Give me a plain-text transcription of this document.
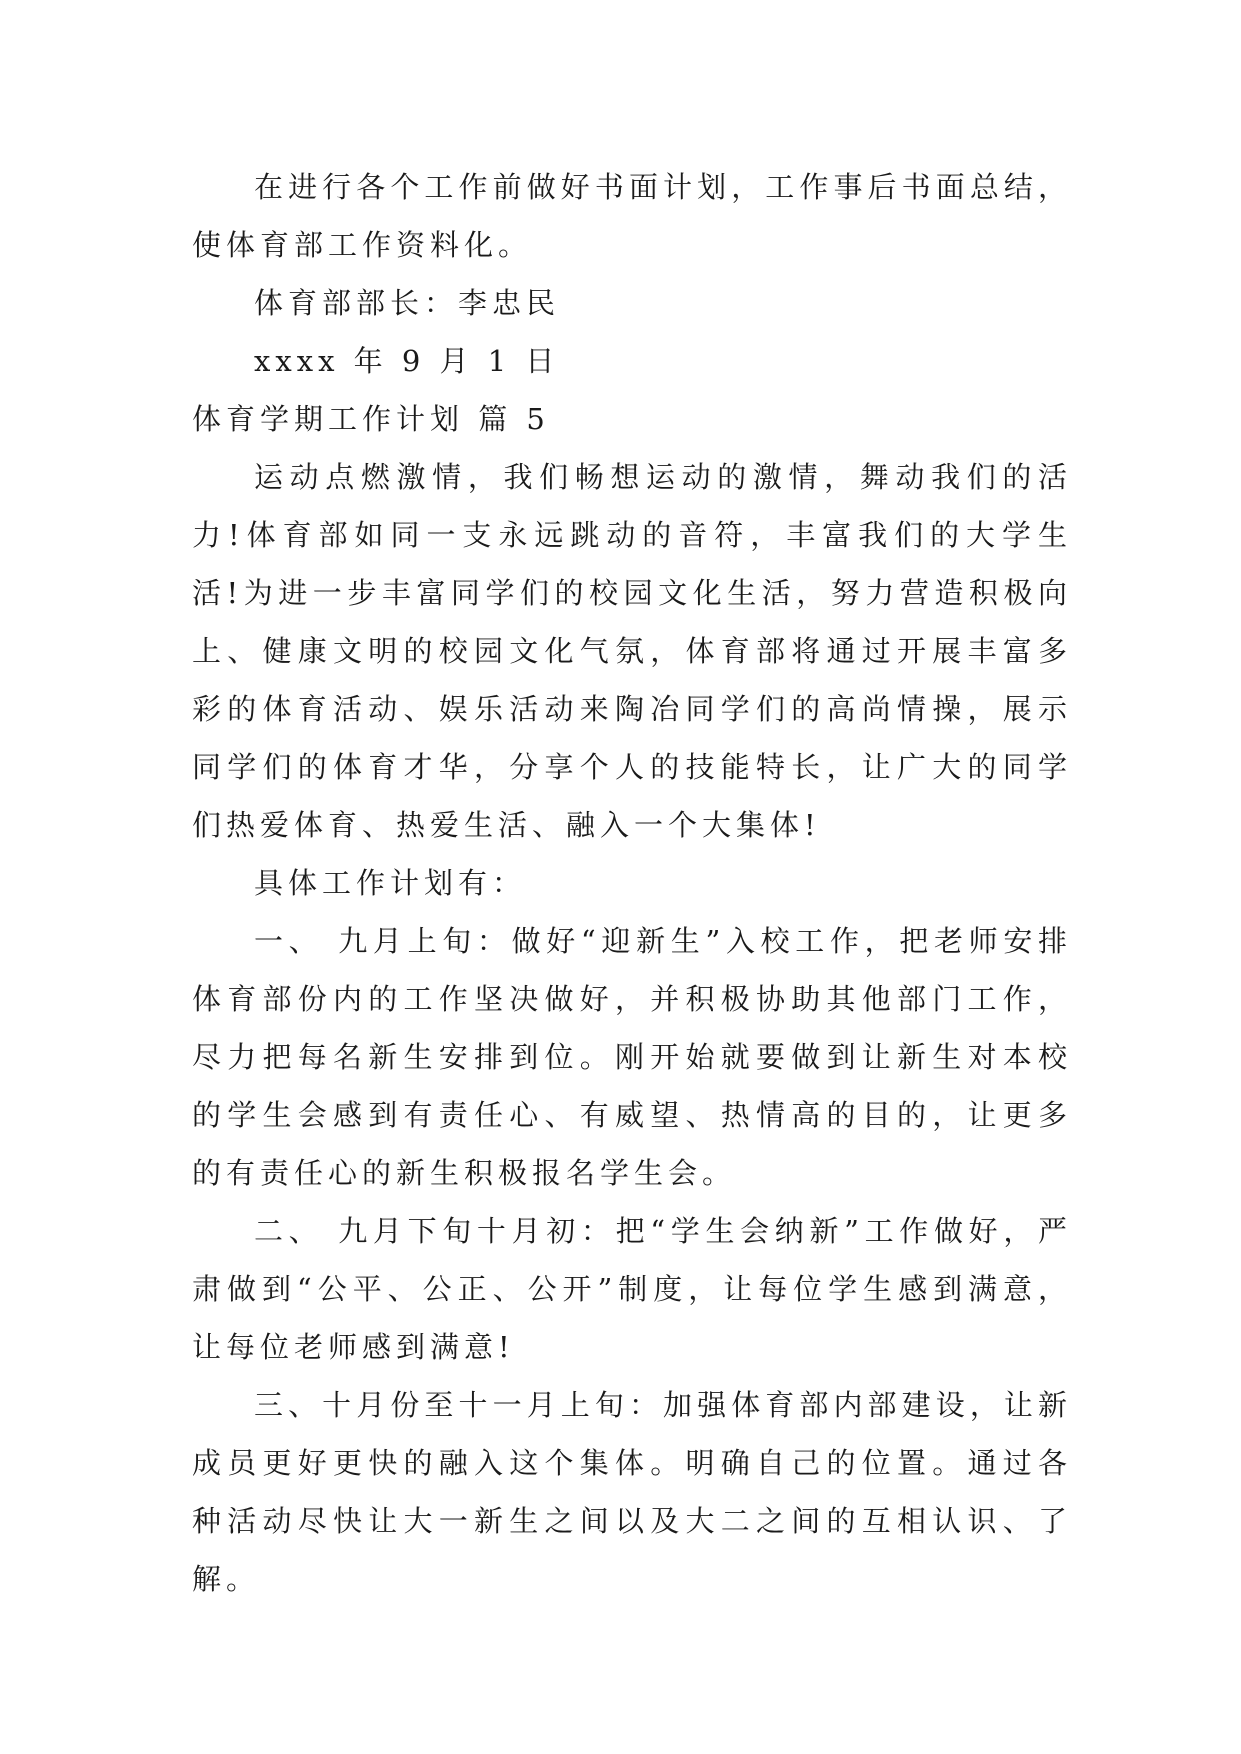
在进行各个工作前做好书面计划，工作事后书面总结，使体育部工作资料化。

体育部部长：李忠民

xxxx 年 9 月 1 日

体育学期工作计划 篇 5

运动点燃激情，我们畅想运动的激情，舞动我们的活力!体育部如同一支永远跳动的音符，丰富我们的大学生活!为进一步丰富同学们的校园文化生活，努力营造积极向上、健康文明的校园文化气氛，体育部将通过开展丰富多彩的体育活动、娱乐活动来陶冶同学们的高尚情操，展示同学们的体育才华，分享个人的技能特长，让广大的同学们热爱体育、热爱生活、融入一个大集体!

具体工作计划有：

一、 九月上旬：做好“迎新生”入校工作，把老师安排体育部份内的工作坚决做好，并积极协助其他部门工作，尽力把每名新生安排到位。刚开始就要做到让新生对本校的学生会感到有责任心、有威望、热情高的目的，让更多的有责任心的新生积极报名学生会。

二、 九月下旬十月初：把“学生会纳新”工作做好，严肃做到“公平、公正、公开”制度，让每位学生感到满意，让每位老师感到满意!

三、十月份至十一月上旬：加强体育部内部建设，让新成员更好更快的融入这个集体。明确自己的位置。通过各种活动尽快让大一新生之间以及大二之间的互相认识、了解。
